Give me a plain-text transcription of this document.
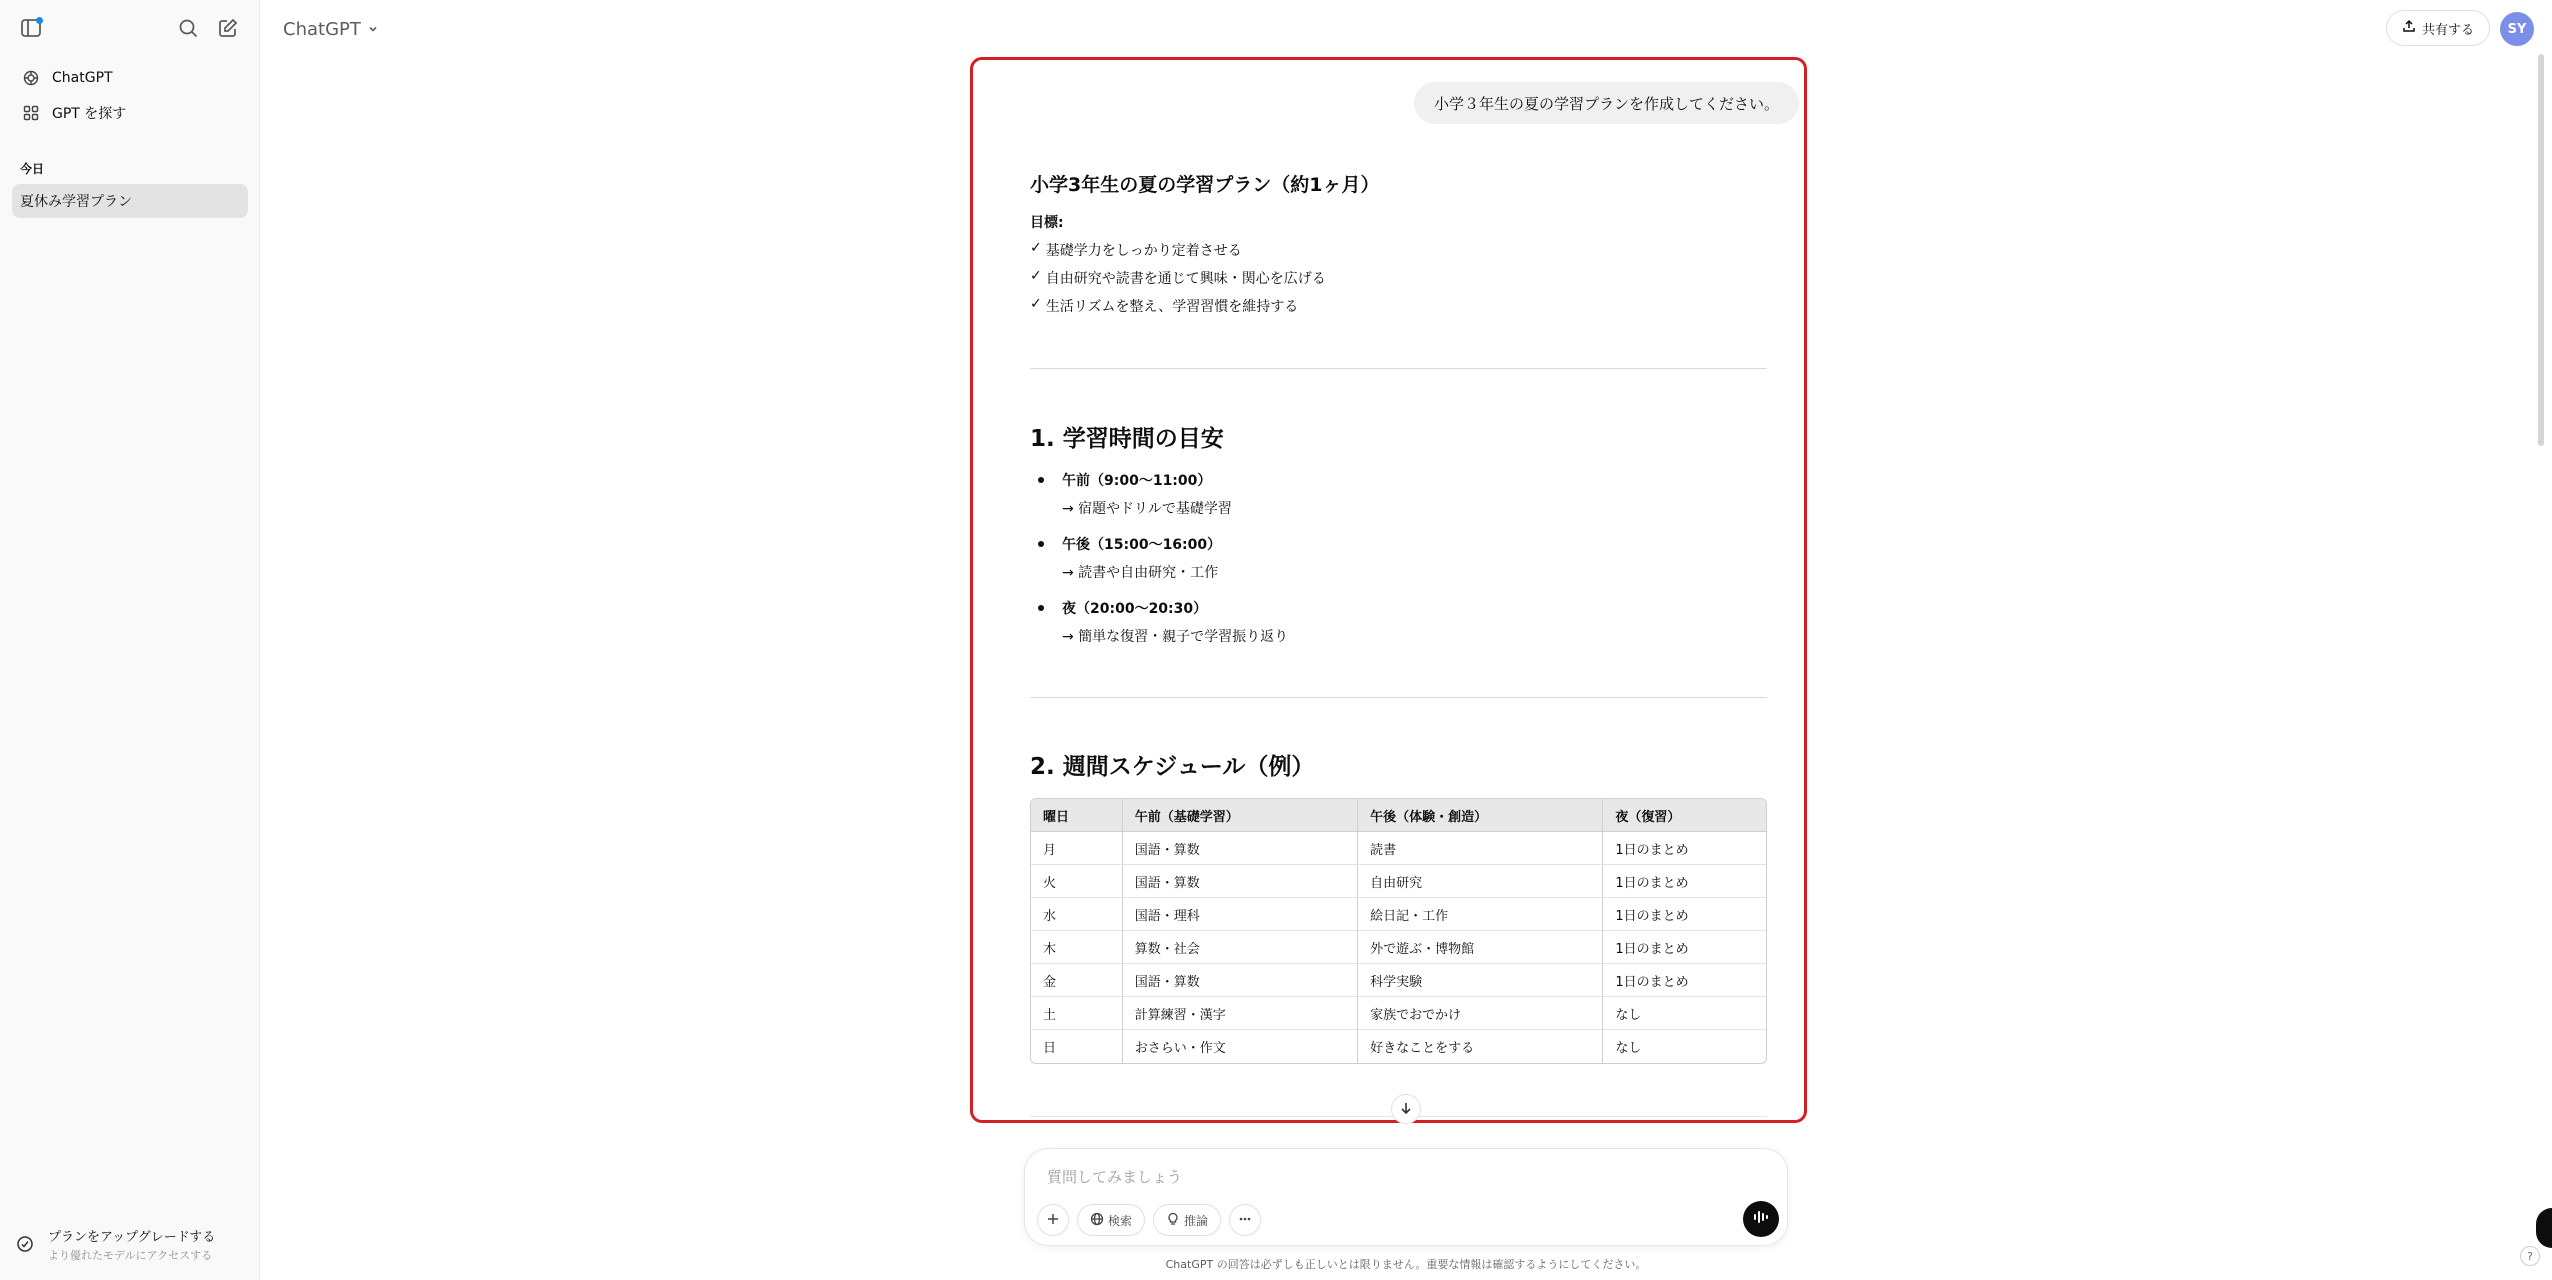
ChatGPT
GPT を探す
今日
夏休み学習プラン
プランをアップグレードする
より優れたモデルにアクセスする
ChatGPT	共有する	SY
小学３年生の夏の学習プランを作成してください。
小学3年生の夏の学習プラン（約1ヶ月）
目標:
✓ 基礎学力をしっかり定着させる
✓ 自由研究や読書を通じて興味・関心を広げる
✓ 生活リズムを整え、学習習慣を維持する
1. 学習時間の目安
午前（9:00〜11:00）
→ 宿題やドリルで基礎学習
午後（15:00〜16:00）
→ 読書や自由研究・工作
夜（20:00〜20:30）
→ 簡単な復習・親子で学習振り返り
2. 週間スケジュール（例）
曜日	午前（基礎学習）	午後（体験・創造）	夜（復習）
月	国語・算数	読書	1日のまとめ
火	国語・算数	自由研究	1日のまとめ
水	国語・理科	絵日記・工作	1日のまとめ
木	算数・社会	外で遊ぶ・博物館	1日のまとめ
金	国語・算数	科学実験	1日のまとめ
土	計算練習・漢字	家族でおでかけ	なし
日	おさらい・作文	好きなことをする	なし
質問してみましょう
検索	推論
ChatGPT の回答は必ずしも正しいとは限りません。重要な情報は確認するようにしてください。
?
